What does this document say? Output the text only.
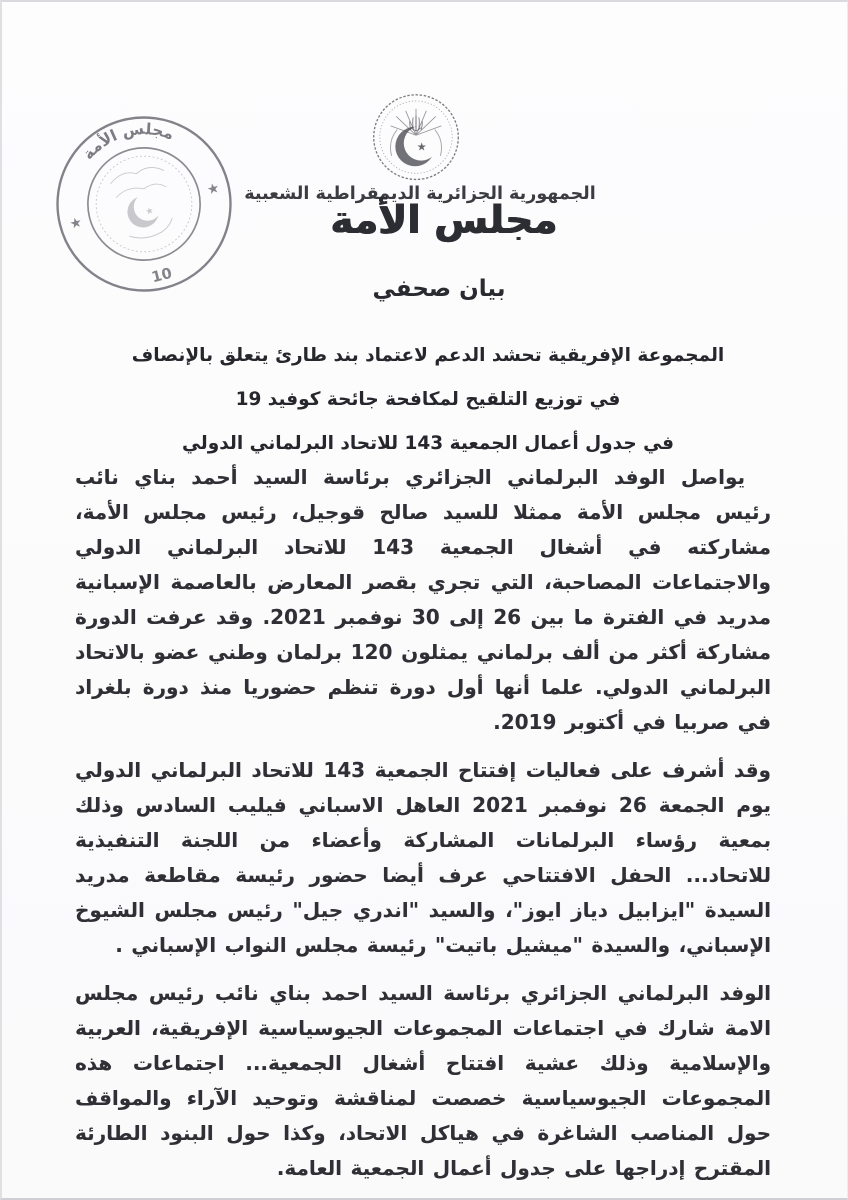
مجلس الأمة
★
★
10
★
★
الجمهورية الجزائرية الديمقراطية الشعبية
مجلس الأمة
بيان صحفي
المجموعة الإفريقية تحشد الدعم لاعتماد بند طارئ يتعلق بالإنصاف
في توزيع التلقيح لمكافحة جائحة كوفيد 19
في جدول أعمال الجمعية 143 للاتحاد البرلماني الدولي

يواصل الوفد البرلماني الجزائري برئاسة السيد أحمد بناي نائب رئيس مجلس الأمة ممثلا للسيد صالح قوجيل، رئيس مجلس الأمة، مشاركته في أشغال الجمعية 143 للاتحاد البرلماني الدولي والاجتماعات المصاحبة، التي تجري بقصر المعارض بالعاصمة الإسبانية مدريد في الفترة ما بين 26 إلى 30 نوفمبر 2021. وقد عرفت الدورة مشاركة أكثر من ألف برلماني يمثلون 120 برلمان وطني عضو بالاتحاد البرلماني الدولي. علما أنها أول دورة تنظم حضوريا منذ دورة بلغراد في صربيا في أكتوبر 2019.

وقد أشرف على فعاليات إفتتاح الجمعية 143 للاتحاد البرلماني الدولي يوم الجمعة 26 نوفمبر 2021 العاهل الاسباني فيليب السادس وذلك بمعية رؤساء البرلمانات المشاركة وأعضاء من اللجنة التنفيذية للاتحاد... الحفل الافتتاحي عرف أيضا حضور رئيسة مقاطعة مدريد السيدة "ايزابيل دياز ايوز"، والسيد "اندري جيل" رئيس مجلس الشيوخ الإسباني، والسيدة "ميشيل باتيت" رئيسة مجلس النواب الإسباني .

الوفد البرلماني الجزائري برئاسة السيد احمد بناي نائب رئيس مجلس الامة شارك في اجتماعات المجموعات الجيوسياسية الإفريقية، العربية والإسلامية وذلك عشية افتتاح أشغال الجمعية... اجتماعات هذه المجموعات الجيوسياسية خصصت لمناقشة وتوحيد الآراء والمواقف حول المناصب الشاغرة في هياكل الاتحاد، وكذا حول البنود الطارئة المقترح إدراجها على جدول أعمال الجمعية العامة.
